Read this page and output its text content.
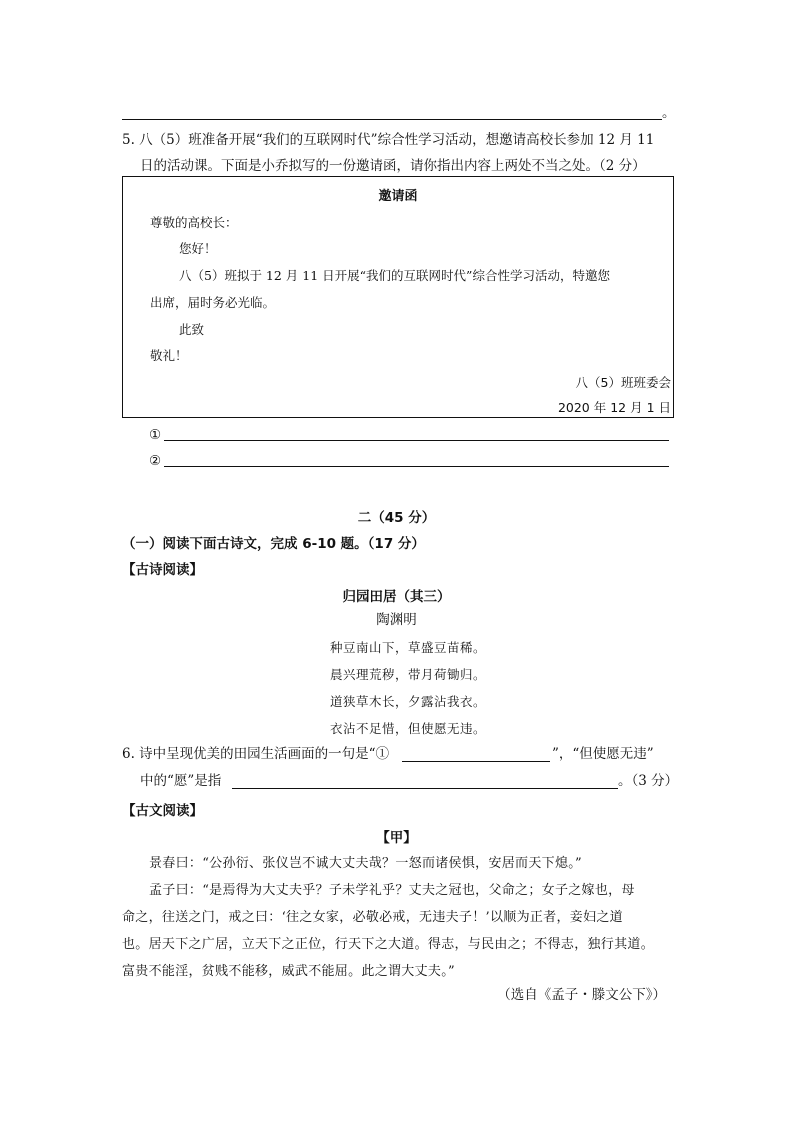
。
5. 八（5）班准备开展“我们的互联网时代”综合性学习活动，想邀请高校长参加 12 月 11
日的活动课。下面是小乔拟写的一份邀请函，请你指出内容上两处不当之处。（2 分）
邀请函
尊敬的高校长：
您好！
八（5）班拟于 12 月 11 日开展“我们的互联网时代”综合性学习活动，特邀您
出席，届时务必光临。
此致
敬礼！
八（5）班班委会
2020 年 12 月 1 日
①
②
二（45 分）
（一）阅读下面古诗文，完成 6-10 题。（17 分）
【古诗阅读】
归园田居（其三）
陶渊明
种豆南山下，草盛豆苗稀。
晨兴理荒秽，带月荷锄归。
道狭草木长，夕露沾我衣。
衣沾不足惜，但使愿无违。
6. 诗中呈现优美的田园生活画面的一句是“①	”，“但使愿无违”
中的“愿”是指	。（3 分）
【古文阅读】
【甲】
景春曰：“公孙衍、张仪岂不诚大丈夫哉？一怒而诸侯惧，安居而天下熄。”
孟子曰：“是焉得为大丈夫乎？子未学礼乎？丈夫之冠也，父命之；女子之嫁也，母
命之，往送之门，戒之曰：‘往之女家，必敬必戒，无违夫子！’以顺为正者，妾妇之道
也。居天下之广居，立天下之正位，行天下之大道。得志，与民由之；不得志，独行其道。
富贵不能淫，贫贱不能移，威武不能屈。此之谓大丈夫。”
（选自《孟子・滕文公下》）
